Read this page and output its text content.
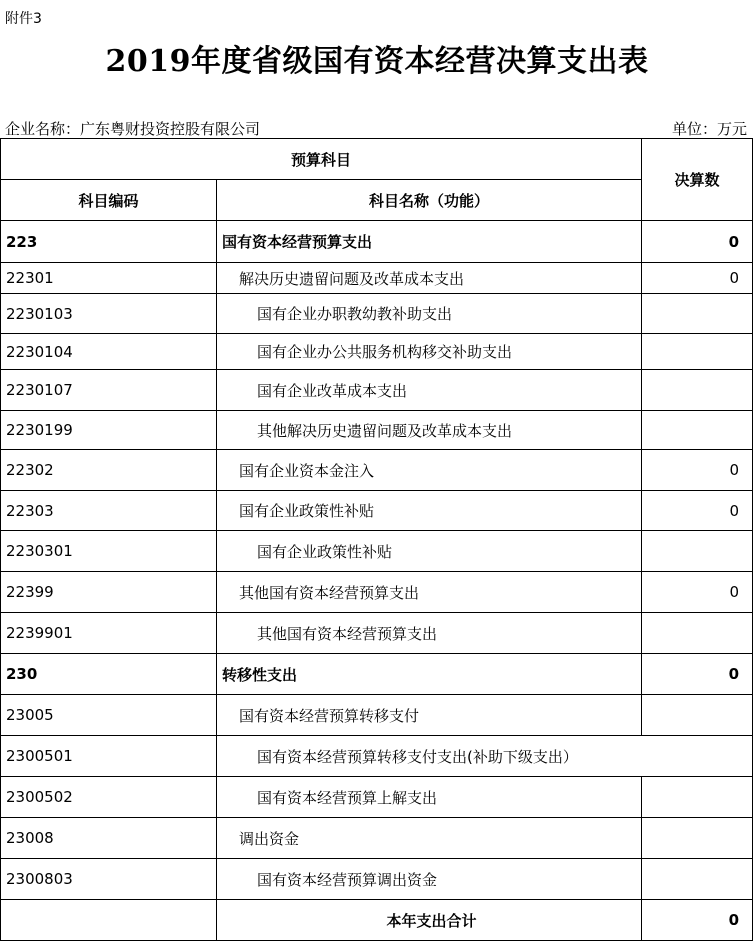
附件3
2019年度省级国有资本经营决算支出表
企业名称：广东粤财投资控股有限公司	单位：万元
预算科目		决算数
科目编码	科目名称（功能）	
223	国有资本经营预算支出	0
22301	解决历史遗留问题及改革成本支出	0
2230103	国有企业办职教幼教补助支出	
2230104	国有企业办公共服务机构移交补助支出	
2230107	国有企业改革成本支出	
2230199	其他解决历史遗留问题及改革成本支出	
22302	国有企业资本金注入	0
22303	国有企业政策性补贴	0
2230301	国有企业政策性补贴	
22399	其他国有资本经营预算支出	0
2239901	其他国有资本经营预算支出	
230	转移性支出	0
23005	国有资本经营预算转移支付	
2300501	国有资本经营预算转移支付支出(补助下级支出）	
2300502	国有资本经营预算上解支出	
23008	调出资金	
2300803	国有资本经营预算调出资金	
	本年支出合计	0
